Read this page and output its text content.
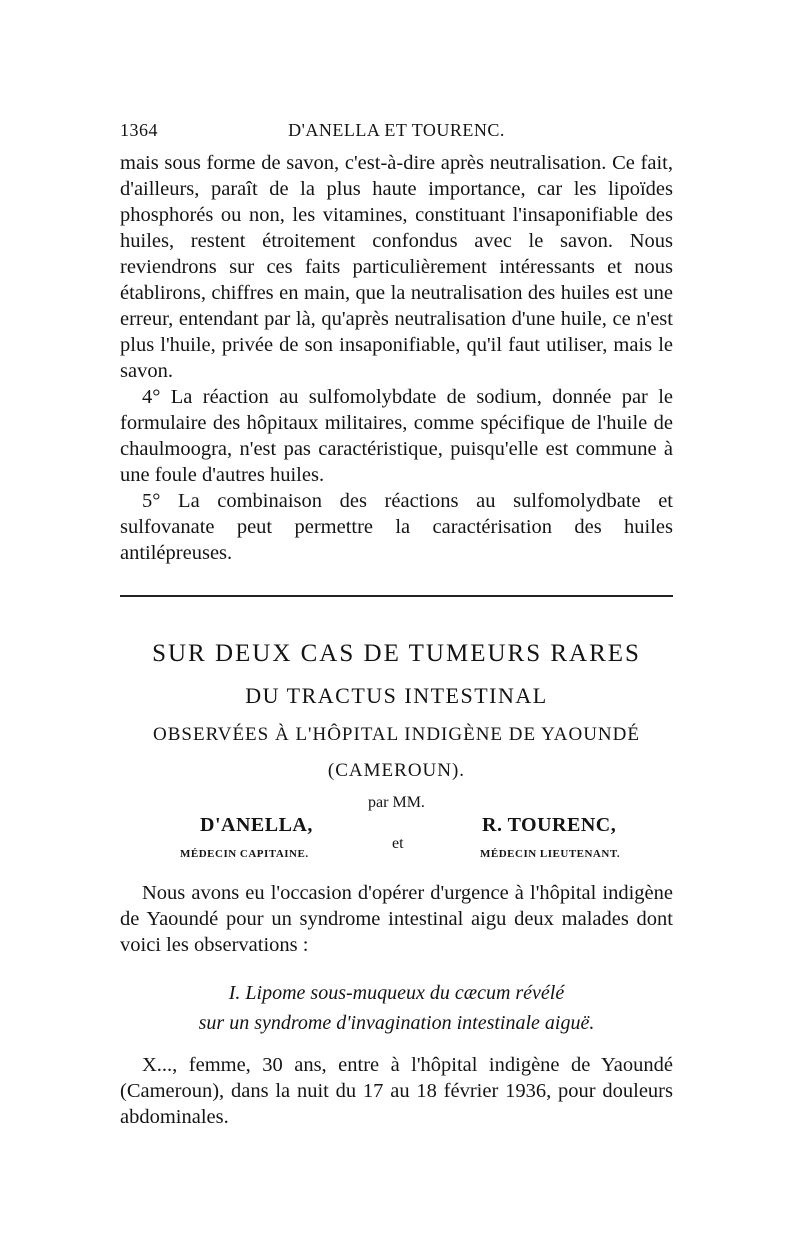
1364	D'ANELLA ET TOURENC.

mais sous forme de savon, c'est-à-dire après neutralisation. Ce fait, d'ailleurs, paraît de la plus haute importance, car les lipoïdes phosphorés ou non, les vitamines, constituant l'insaponifiable des huiles, restent étroitement confondus avec le savon. Nous reviendrons sur ces faits particulièrement intéressants et nous établirons, chiffres en main, que la neutralisation des huiles est une erreur, entendant par là, qu'après neutralisation d'une huile, ce n'est plus l'huile, privée de son insaponifiable, qu'il faut utiliser, mais le savon.

4° La réaction au sulfomolybdate de sodium, donnée par le formulaire des hôpitaux militaires, comme spécifique de l'huile de chaulmoogra, n'est pas caractéristique, puisqu'elle est commune à une foule d'autres huiles.

5° La combinaison des réactions au sulfomolydbate et sulfovanate peut permettre la caractérisation des huiles antilépreuses.

SUR DEUX CAS DE TUMEURS RARES
DU TRACTUS INTESTINAL
OBSERVÉES À L'HÔPITAL INDIGÈNE DE YAOUNDÉ
(CAMEROUN).
par MM.
D'ANELLA,	R. TOURENC,
et
MÉDECIN CAPITAINE.	MÉDECIN LIEUTENANT.

Nous avons eu l'occasion d'opérer d'urgence à l'hôpital indigène de Yaoundé pour un syndrome intestinal aigu deux malades dont voici les observations :

I. Lipome sous-muqueux du cæcum révélé
sur un syndrome d'invagination intestinale aiguë.

X..., femme, 30 ans, entre à l'hôpital indigène de Yaoundé (Cameroun), dans la nuit du 17 au 18 février 1936, pour douleurs abdominales.
